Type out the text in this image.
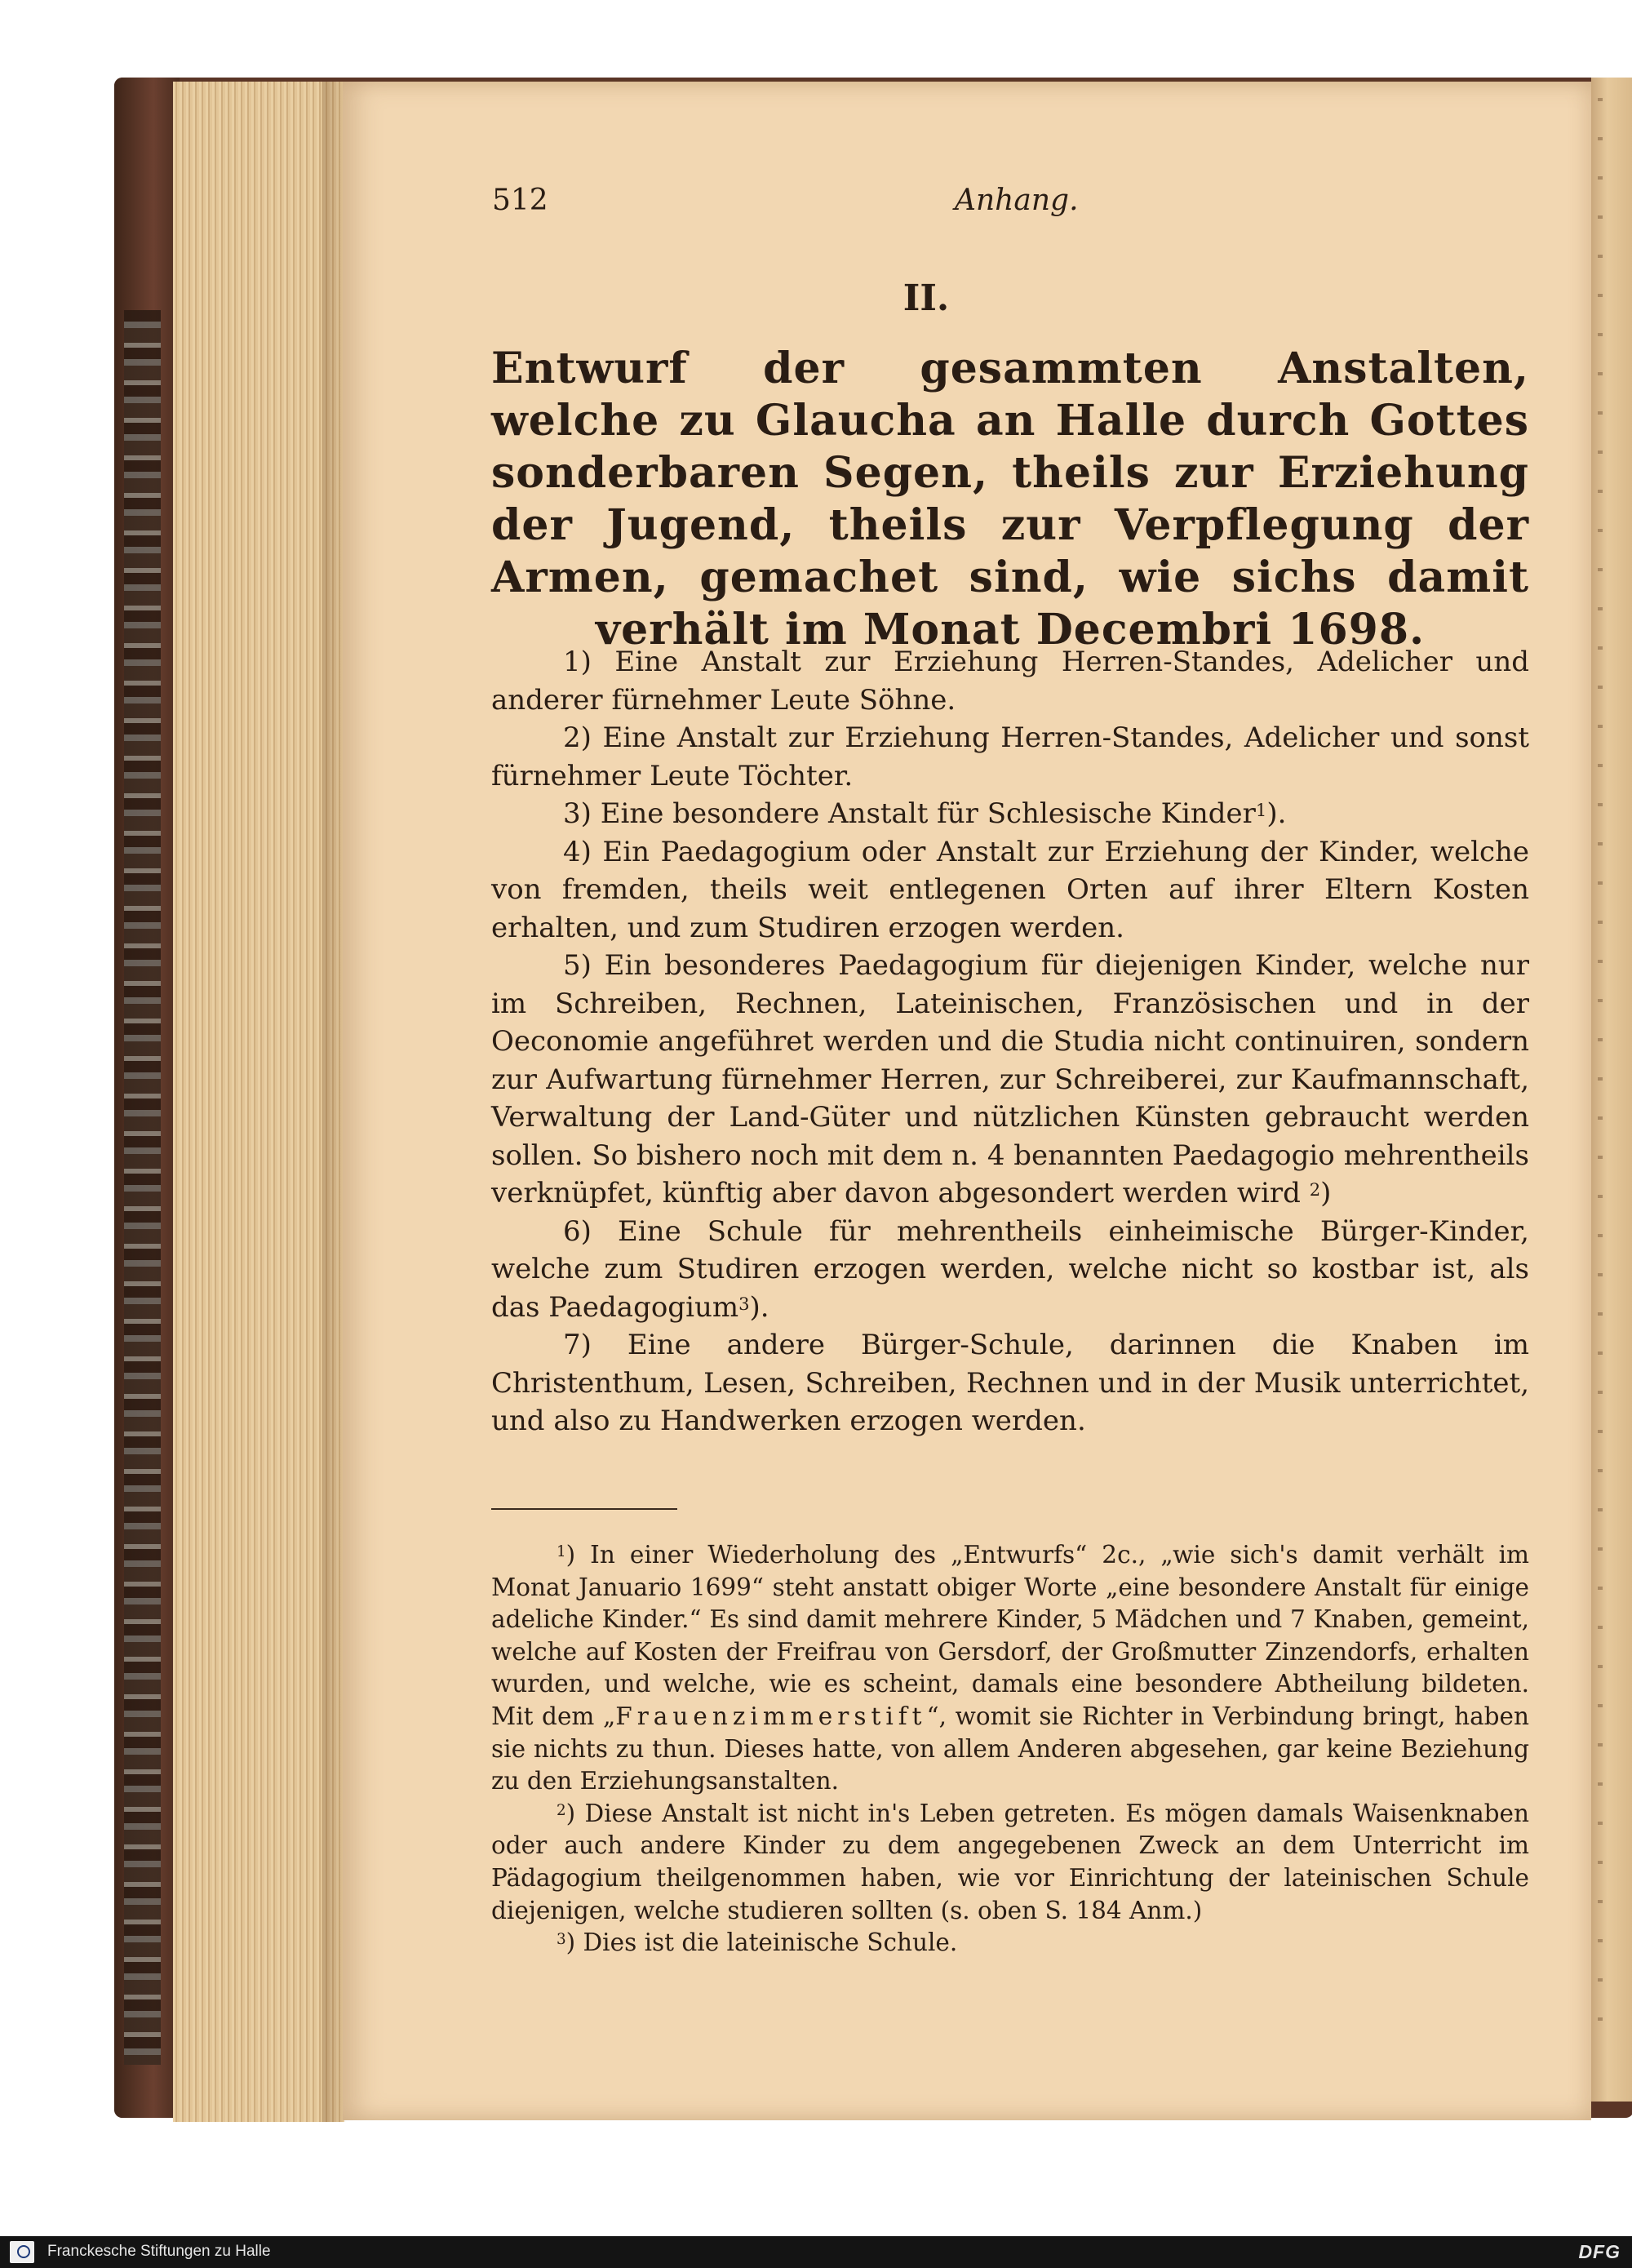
512	Anhang.
II.
Entwurf der gesammten Anstalten, welche zu Glaucha an Halle durch Gottes sonderbaren Segen, theils zur Erziehung der Jugend, theils zur Verpflegung der Armen, gemachet sind, wie sichs damit verhält im Monat Decembri 1698.

1) Eine Anstalt zur Erziehung Herren-Standes, Adelicher und anderer fürnehmer Leute Söhne.

2) Eine Anstalt zur Erziehung Herren-Standes, Adelicher und sonst fürnehmer Leute Töchter.

3) Eine besondere Anstalt für Schlesische Kinder$^1$).

4) Ein Paedagogium oder Anstalt zur Erziehung der Kinder, welche von fremden, theils weit entlegenen Orten auf ihrer Eltern Kosten erhalten, und zum Studiren erzogen werden.

5) Ein besonderes Paedagogium für diejenigen Kinder, welche nur im Schreiben, Rechnen, Lateinischen, Französischen und in der Oeconomie angeführet werden und die Studia nicht continuiren, sondern zur Aufwartung fürnehmer Herren, zur Schreiberei, zur Kaufmannschaft, Verwaltung der Land-Güter und nützlichen Künsten gebraucht werden sollen. So bishero noch mit dem n. 4 benannten Paedagogio mehrentheils verknüpfet, künftig aber davon abgesondert werden wird $^2$)

6) Eine Schule für mehrentheils einheimische Bürger-Kinder, welche zum Studiren erzogen werden, welche nicht so kostbar ist, als das Paedagogium$^3$).

7) Eine andere Bürger-Schule, darinnen die Knaben im Christenthum, Lesen, Schreiben, Rechnen und in der Musik unterrichtet, und also zu Handwerken erzogen werden.

$^1$) In einer Wiederholung des „Entwurfs“ 2c., „wie sich's damit verhält im Monat Januario 1699“ steht anstatt obiger Worte „eine besondere Anstalt für einige adeliche Kinder.“ Es sind damit mehrere Kinder, 5 Mädchen und 7 Knaben, gemeint, welche auf Kosten der Freifrau von Gersdorf, der Großmutter Zinzendorfs, erhalten wurden, und welche, wie es scheint, damals eine besondere Abtheilung bildeten. Mit dem „Frauenzimmerstift“, womit sie Richter in Verbindung bringt, haben sie nichts zu thun. Dieses hatte, von allem Anderen abgesehen, gar keine Beziehung zu den Erziehungsanstalten.

$^2$) Diese Anstalt ist nicht in's Leben getreten. Es mögen damals Waisenknaben oder auch andere Kinder zu dem angegebenen Zweck an dem Unterricht im Pädagogium theilgenommen haben, wie vor Einrichtung der lateinischen Schule diejenigen, welche studieren sollten (s. oben S. 184 Anm.)

$^3$) Dies ist die lateinische Schule.

Franckesche Stiftungen zu Halle	DFG
